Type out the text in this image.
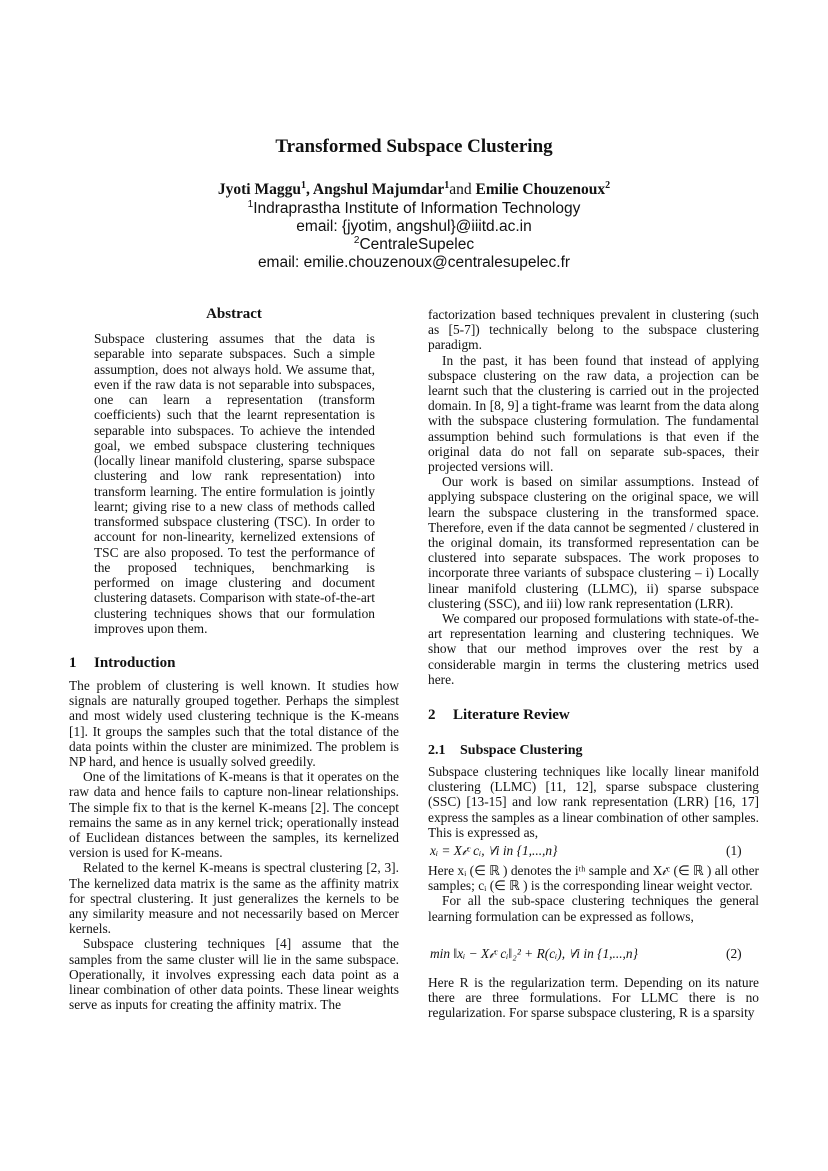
Transformed Subspace Clustering
Jyoti Maggu$^1$, Angshul Majumdar$^1$and Emilie Chouzenoux$^2$
$^1$Indraprastha Institute of Information Technology
email: {jyotim, angshul}@iiitd.ac.in
$^2$CentraleSupelec
email: emilie.chouzenoux@centralesupelec.fr
Abstract

Subspace clustering assumes that the data is separable into separate subspaces. Such a simple assumption, does not always hold. We assume that, even if the raw data is not separable into subspaces, one can learn a representation (transform coefficients) such that the learnt representation is separable into subspaces. To achieve the intended goal, we embed subspace clustering techniques (locally linear manifold clustering, sparse subspace clustering and low rank representation) into transform learning. The entire formulation is jointly learnt; giving rise to a new class of methods called transformed subspace clustering (TSC). In order to account for non-linearity, kernelized extensions of TSC are also proposed. To test the performance of the proposed techniques, benchmarking is performed on image clustering and document clustering datasets. Comparison with state-of-the-art clustering techniques shows that our formulation improves upon them.

1 Introduction

The problem of clustering is well known. It studies how signals are naturally grouped together. Perhaps the simplest and most widely used clustering technique is the K-means [1]. It groups the samples such that the total distance of the data points within the cluster are minimized. The problem is NP hard, and hence is usually solved greedily.

One of the limitations of K-means is that it operates on the raw data and hence fails to capture non-linear relationships. The simple fix to that is the kernel K-means [2]. The concept remains the same as in any kernel trick; operationally instead of Euclidean distances between the samples, its kernelized version is used for K-means.

Related to the kernel K-means is spectral clustering [2, 3]. The kernelized data matrix is the same as the affinity matrix for spectral clustering. It just generalizes the kernels to be any similarity measure and not necessarily based on Mercer kernels.

Subspace clustering techniques [4] assume that the samples from the same cluster will lie in the same subspace. Operationally, it involves expressing each data point as a linear combination of other data points. These linear weights serve as inputs for creating the affinity matrix. The

factorization based techniques prevalent in clustering (such as [5-7]) technically belong to the subspace clustering paradigm.

In the past, it has been found that instead of applying subspace clustering on the raw data, a projection can be learnt such that the clustering is carried out in the projected domain. In [8, 9] a tight-frame was learnt from the data along with the subspace clustering formulation. The fundamental assumption behind such formulations is that even if the original data do not fall on separate sub-spaces, their projected versions will.

Our work is based on similar assumptions. Instead of applying subspace clustering on the original space, we will learn the subspace clustering in the transformed space. Therefore, even if the data cannot be segmented / clustered in the original domain, its transformed representation can be clustered into separate subspaces. The work proposes to incorporate three variants of subspace clustering – i) Locally linear manifold clustering (LLMC), ii) sparse subspace clustering (SSC), and iii) low rank representation (LRR).

We compared our proposed formulations with state-of-the-art representation learning and clustering techniques. We show that our method improves over the rest by a considerable margin in terms the clustering metrics used here.

2 Literature Review
2.1 Subspace Clustering

Subspace clustering techniques like locally linear manifold clustering (LLMC) [11, 12], sparse subspace clustering (SSC) [13-15] and low rank representation (LRR) [16, 17] express the samples as a linear combination of other samples. This is expressed as,

xᵢ = X𝒾ᶜ cᵢ, ∀i in {1,...,n}	(1)

Here xᵢ (∈ ℝ ) denotes the iᵗʰ sample and X𝒾ᶜ (∈ ℝ ) all other samples; cᵢ (∈ ℝ ) is the corresponding linear weight vector.

For all the sub-space clustering techniques the general learning formulation can be expressed as follows,

min ‖xᵢ − X𝒾ᶜ cᵢ‖₂² + R(cᵢ), ∀i in {1,...,n}	(2)

Here R is the regularization term. Depending on its nature there are three formulations. For LLMC there is no regularization. For sparse subspace clustering, R is a sparsity
